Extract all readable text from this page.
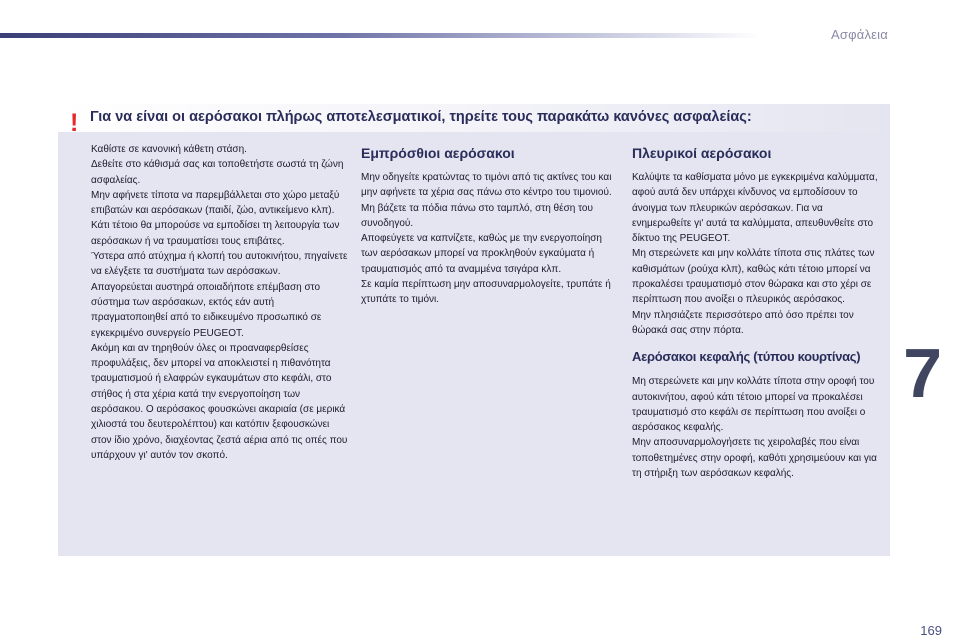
Ασφάλεια
! Για να είναι οι αερόσακοι πλήρως αποτελεσματικοί, τηρείτε τους παρακάτω κανόνες ασφαλείας:

Καθίστε σε κανονική κάθετη στάση.

Δεθείτε στο κάθισμά σας και τοποθετήστε σωστά τη ζώνη ασφαλείας.

Μην αφήνετε τίποτα να παρεμβάλλεται στο χώρο μεταξύ επιβατών και αερόσακων (παιδί, ζώο, αντικείμενο κλπ). Κάτι τέτοιο θα μπορούσε να εμποδίσει τη λειτουργία των αερόσακων ή να τραυματίσει τους επιβάτες.

Ύστερα από ατύχημα ή κλοπή του αυτοκινήτου, πηγαίνετε να ελέγξετε τα συστήματα των αερόσακων.

Απαγορεύεται αυστηρά οποιαδήποτε επέμβαση στο σύστημα των αερόσακων, εκτός εάν αυτή πραγματοποιηθεί από το ειδικευμένο προσωπικό σε εγκεκριμένο συνεργείο PEUGEOT.

Ακόμη και αν τηρηθούν όλες οι προαναφερθείσες προφυλάξεις, δεν μπορεί να αποκλειστεί η πιθανότητα τραυματισμού ή ελαφρών εγκαυμάτων στο κεφάλι, στο στήθος ή στα χέρια κατά την ενεργοποίηση των αερόσακου. Ο αερόσακος φουσκώνει ακαριαία (σε μερικά χιλιοστά του δευτερολέπτου) και κατόπιν ξεφουσκώνει στον ίδιο χρόνο, διαχέοντας ζεστά αέρια από τις οπές που υπάρχουν γι' αυτόν τον σκοπό.

Εμπρόσθιοι αερόσακοι

Μην οδηγείτε κρατώντας το τιμόνι από τις ακτίνες του και μην αφήνετε τα χέρια σας πάνω στο κέντρο του τιμονιού.

Μη βάζετε τα πόδια πάνω στο ταμπλό, στη θέση του συνοδηγού.

Αποφεύγετε να καπνίζετε, καθώς με την ενεργοποίηση των αερόσακων μπορεί να προκληθούν εγκαύματα ή τραυματισμός από τα αναμμένα τσιγάρα κλπ.

Σε καμία περίπτωση μην αποσυναρμολογείτε, τρυπάτε ή χτυπάτε το τιμόνι.

Πλευρικοί αερόσακοι

Καλύψτε τα καθίσματα μόνο με εγκεκριμένα καλύμματα, αφού αυτά δεν υπάρχει κίνδυνος να εμποδίσουν το άνοιγμα των πλευρικών αερόσακων. Για να ενημερωθείτε γι' αυτά τα καλύμματα, απευθυνθείτε στο δίκτυο της PEUGEOT.

Μη στερεώνετε και μην κολλάτε τίποτα στις πλάτες των καθισμάτων (ρούχα κλπ), καθώς κάτι τέτοιο μπορεί να προκαλέσει τραυματισμό στον θώρακα και στο χέρι σε περίπτωση που ανοίξει ο πλευρικός αερόσακος.

Μην πλησιάζετε περισσότερο από όσο πρέπει τον θώρακά σας στην πόρτα.

Αερόσακοι κεφαλής (τύπου κουρτίνας)

Μη στερεώνετε και μην κολλάτε τίποτα στην οροφή του αυτοκινήτου, αφού κάτι τέτοιο μπορεί να προκαλέσει τραυματισμό στο κεφάλι σε περίπτωση που ανοίξει ο αερόσακος κεφαλής.

Μην αποσυναρμολογήσετε τις χειρολαβές που είναι τοποθετημένες στην οροφή, καθότι χρησιμεύουν και για τη στήριξη των αερόσακων κεφαλής.

7
169
